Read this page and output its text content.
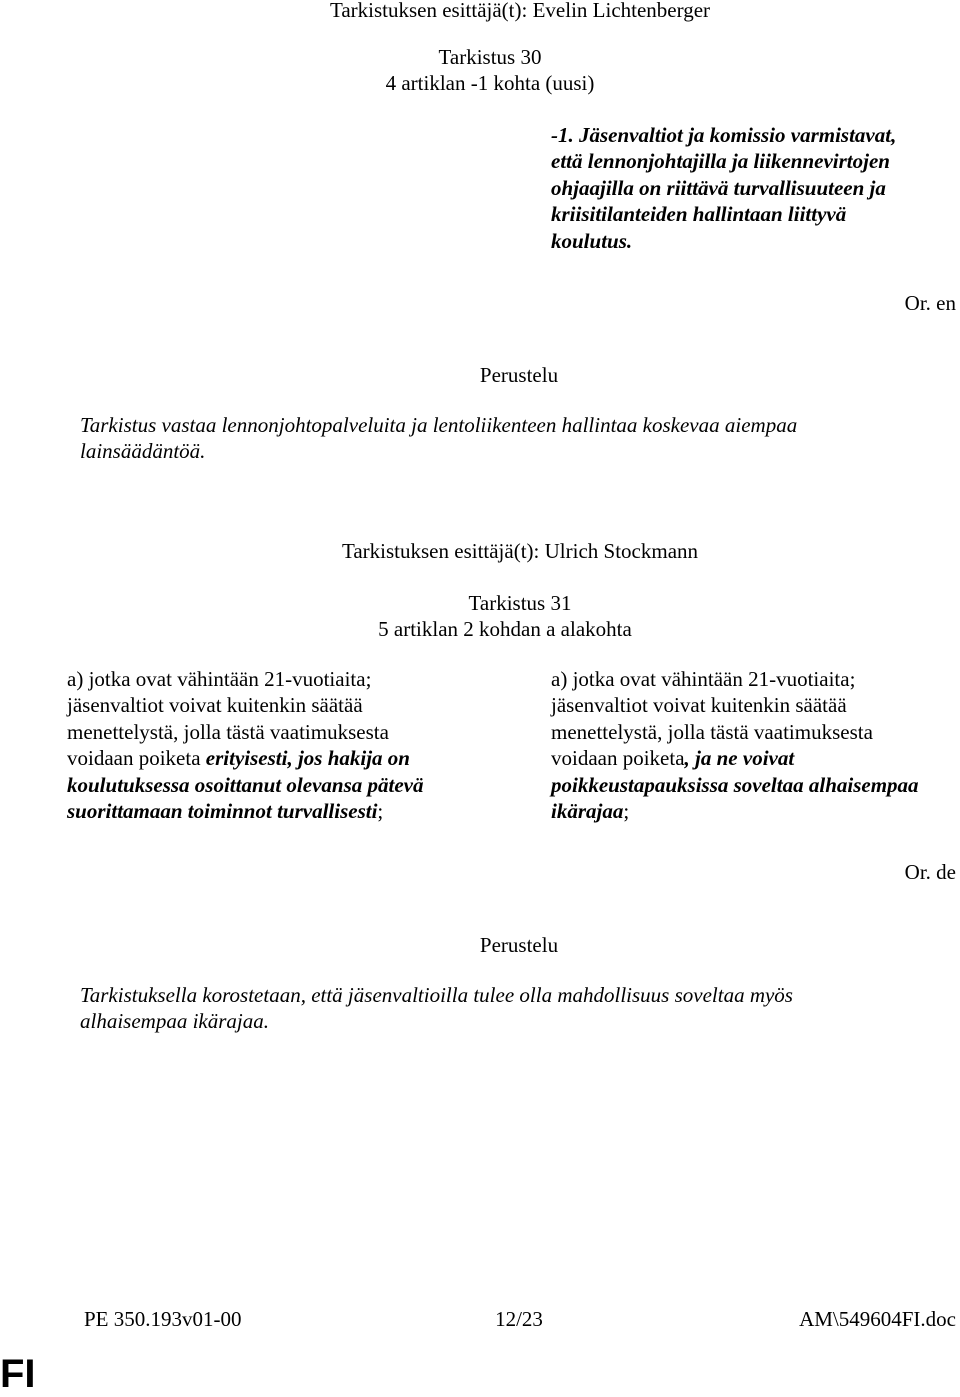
Tarkistuksen esittäjä(t): Evelin Lichtenberger
Tarkistus 30
4 artiklan -1 kohta (uusi)
-1. Jäsenvaltiot ja komissio varmistavat,
että lennonjohtajilla ja liikennevirtojen
ohjaajilla on riittävä turvallisuuteen ja
kriisitilanteiden hallintaan liittyvä
koulutus.
Or. en
Perustelu
Tarkistus vastaa lennonjohtopalveluita ja lentoliikenteen hallintaa koskevaa aiempaa
lainsäädäntöä.
Tarkistuksen esittäjä(t): Ulrich Stockmann
Tarkistus 31
5 artiklan 2 kohdan a alakohta
a) jotka ovat vähintään 21-vuotiaita;
jäsenvaltiot voivat kuitenkin säätää
menettelystä, jolla tästä vaatimuksesta
voidaan poiketa erityisesti, jos hakija on
koulutuksessa osoittanut olevansa pätevä
suorittamaan toiminnot turvallisesti;
a) jotka ovat vähintään 21-vuotiaita;
jäsenvaltiot voivat kuitenkin säätää
menettelystä, jolla tästä vaatimuksesta
voidaan poiketa, ja ne voivat
poikkeustapauksissa soveltaa alhaisempaa
ikärajaa;
Or. de
Perustelu
Tarkistuksella korostetaan, että jäsenvaltioilla tulee olla mahdollisuus soveltaa myös
alhaisempaa ikärajaa.
PE 350.193v01-00	12/23	AM\549604FI.doc
FI
